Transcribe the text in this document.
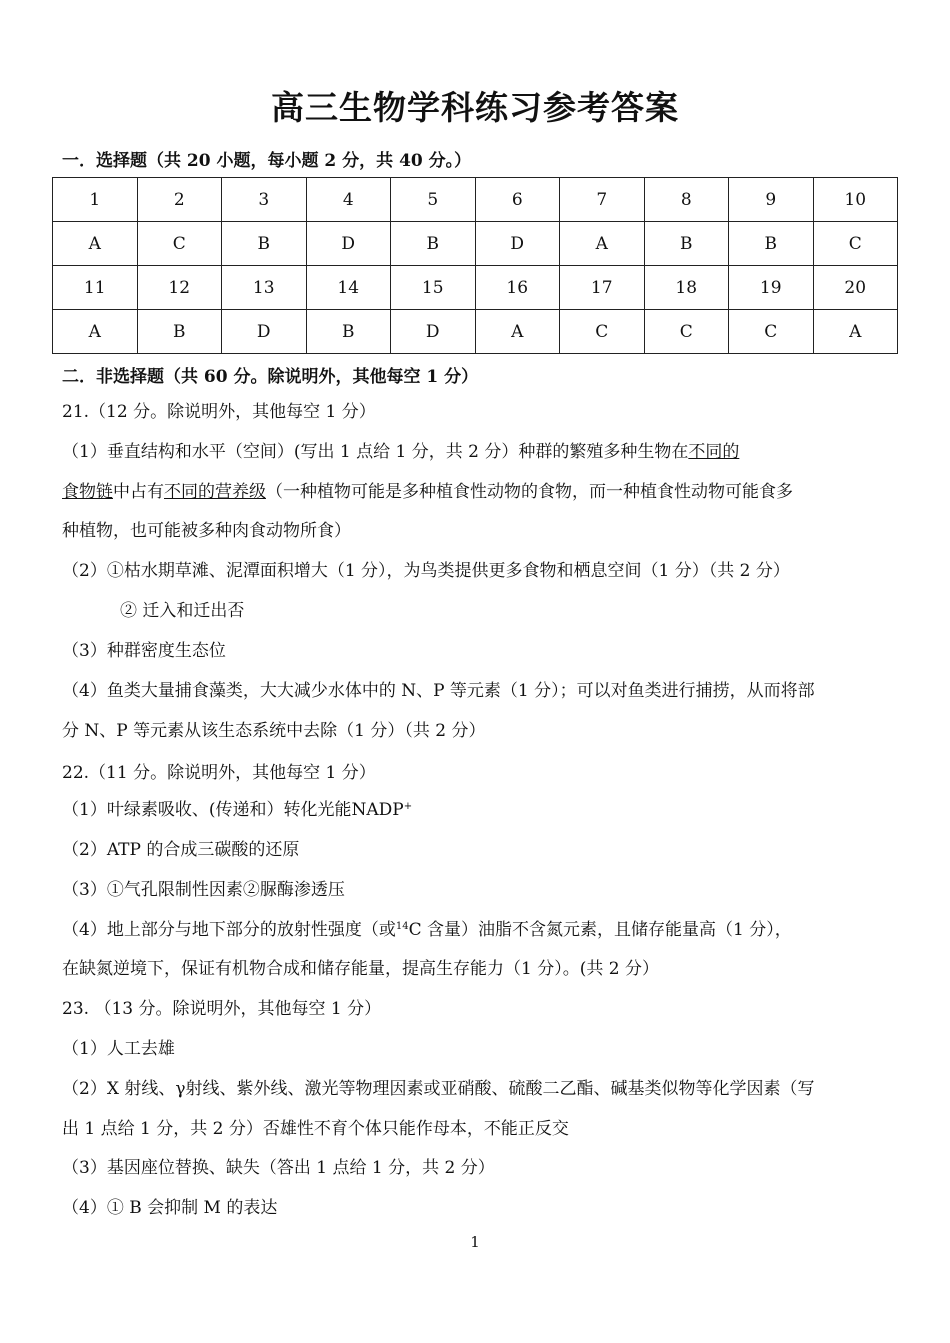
高三生物学科练习参考答案
一．选择题（共 20 小题，每小题 2 分，共 40 分。）
1	2	3	4	5	6	7	8	9	10
A	C	B	D	B	D	A	B	B	C
11	12	13	14	15	16	17	18	19	20
A	B	D	B	D	A	C	C	C	A
二．非选择题（共 60 分。除说明外，其他每空 1 分）
21.（12 分。除说明外，其他每空 1 分）
（1）垂直结构和水平（空间）(写出 1 点给 1 分，共 2 分）种群的繁殖多种生物在不同的
食物链中占有不同的营养级（一种植物可能是多种植食性动物的食物，而一种植食性动物可能食多
种植物，也可能被多种肉食动物所食）
（2）①枯水期草滩、泥潭面积增大（1 分），为鸟类提供更多食物和栖息空间（1 分）（共 2 分）
② 迁入和迁出否
（3）种群密度生态位
（4）鱼类大量捕食藻类，大大减少水体中的 N、P 等元素（1 分）；可以对鱼类进行捕捞，从而将部
分 N、P 等元素从该生态系统中去除（1 分）（共 2 分）
22.（11 分。除说明外，其他每空 1 分）
（1）叶绿素吸收、(传递和）转化光能NADP+
（2）ATP 的合成三碳酸的还原
（3）①气孔限制性因素②脲酶渗透压
（4）地上部分与地下部分的放射性强度（或$^{14}$C 含量）油脂不含氮元素，且储存能量高（1 分），
在缺氮逆境下，保证有机物合成和储存能量，提高生存能力（1 分）。(共 2 分）
23. （13 分。除说明外，其他每空 1 分）
（1）人工去雄
（2）X 射线、γ射线、紫外线、激光等物理因素或亚硝酸、硫酸二乙酯、碱基类似物等化学因素（写
出 1 点给 1 分，共 2 分）否雄性不育个体只能作母本，不能正反交
（3）基因座位替换、缺失（答出 1 点给 1 分，共 2 分）
（4）① B 会抑制 M 的表达
1
